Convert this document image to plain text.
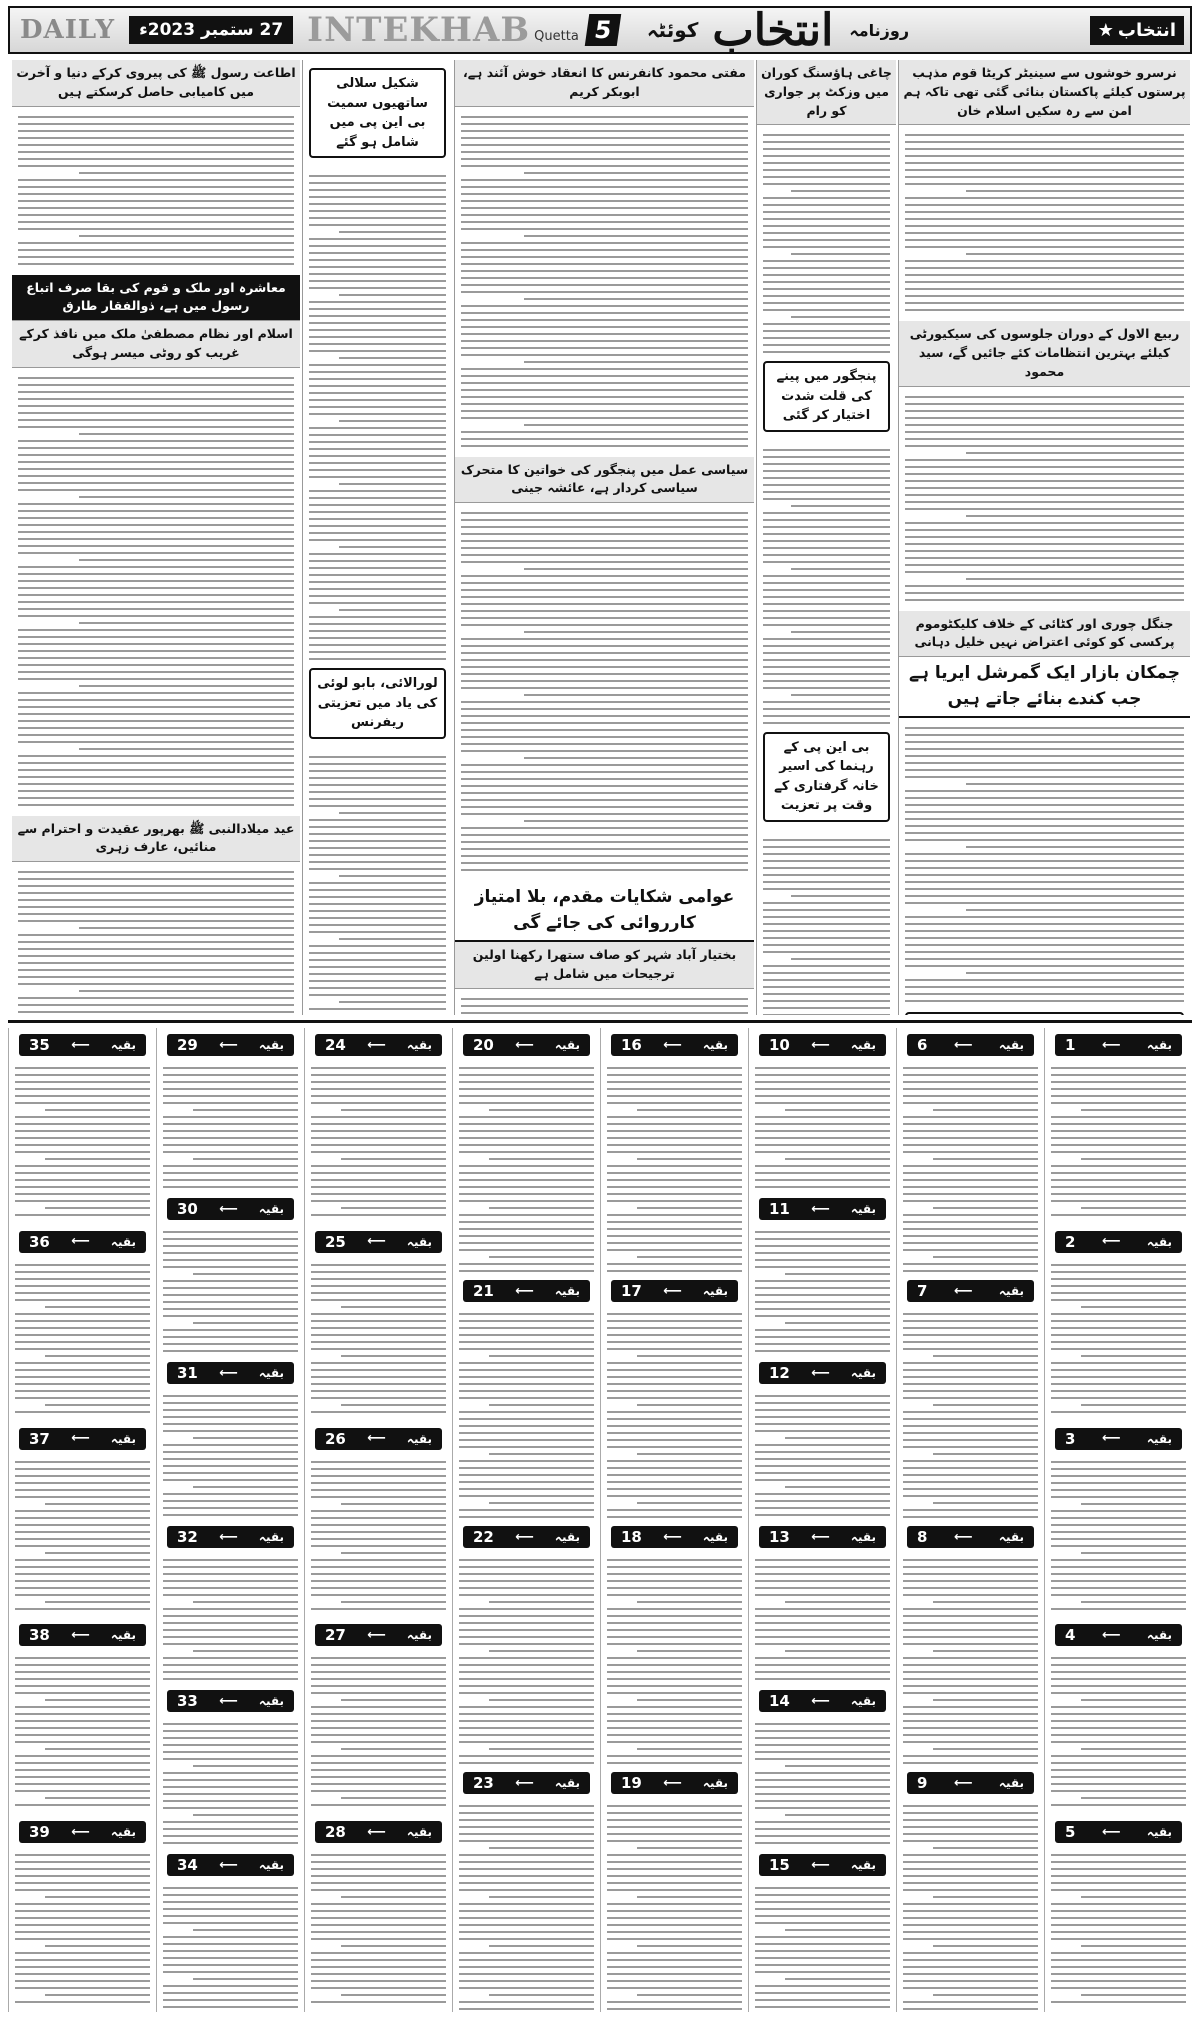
DAILY	27 ستمبر 2023ء INTEKHAB Quetta 5	کوئٹہ انتخاب روزنامہ	★ انتخاب
اطاعت رسول ﷺ کی پیروی کرکے دنیا و آخرت میں کامیابی حاصل کرسکتے ہیں
معاشرہ اور ملک و قوم کی بقا صرف اتباع رسول میں ہے، ذوالفقار طارق
اسلام اور نظام مصطفیٰ ملک میں نافذ کرکے غریب کو روٹی میسر ہوگی
عید میلادالنبی ﷺ بھرپور عقیدت و احترام سے منائیں، عارف زہری
شکیل سلالی ساتھیوں سمیت بی این پی میں شامل ہو گئے
لورالائی، بابو لوئی کی یاد میں تعزیتی ریفرنس
مفتی محمود کانفرنس کا انعقاد خوش آئند ہے، ابوبکر کریم
سیاسی عمل میں پنجگور کی خواتین کا متحرک سیاسی کردار ہے، عائشہ جینی
عوامی شکایات مقدم، بلا امتیاز کارروائی کی جائے گی
بختیار آباد شہر کو صاف ستھرا رکھنا اولین ترجیحات میں شامل ہے
چاغی ہاؤسنگ کوران میں وزکٹ پر جواری کو رام
پنجگور میں پینے کی قلت شدت اختیار کر گئی
بی این پی کے رہنما کی اسیر خانہ گرفتاری کے وقت پر تعزیت
نرسرو خوشوں سے سینیٹر کریٹا قوم مذہب پرستوں کیلئے پاکستان بنائی گئی تھی تاکہ ہم امن سے رہ سکیں اسلام خان
ربیع الاول کے دوران جلوسوں کی سیکیورٹی کیلئے بہترین انتظامات کئے جائیں گے، سید محمود
جنگل چوری اور کٹائی کے خلاف کلیکٹوموم پرکسی کو کوئی اعتراض نہیں خلیل دہانی
چمکان بازار ایک گمرشل ایریا ہے جب کندے بنائے جاتے ہیں
1 ⟵ بقیہ
2 ⟵ بقیہ
3 ⟵ بقیہ
4 ⟵ بقیہ
5 ⟵ بقیہ
6 ⟵ بقیہ
7 ⟵ بقیہ
8 ⟵ بقیہ
9 ⟵ بقیہ
10 ⟵ بقیہ
11 ⟵ بقیہ
12 ⟵ بقیہ
13 ⟵ بقیہ
14 ⟵ بقیہ
15 ⟵ بقیہ
16 ⟵ بقیہ
17 ⟵ بقیہ
18 ⟵ بقیہ
19 ⟵ بقیہ
20 ⟵ بقیہ
21 ⟵ بقیہ
22 ⟵ بقیہ
23 ⟵ بقیہ
24 ⟵ بقیہ
25 ⟵ بقیہ
26 ⟵ بقیہ
27 ⟵ بقیہ
28 ⟵ بقیہ
29 ⟵ بقیہ
30 ⟵ بقیہ
31 ⟵ بقیہ
32 ⟵ بقیہ
33 ⟵ بقیہ
34 ⟵ بقیہ
35 ⟵ بقیہ
36 ⟵ بقیہ
37 ⟵ بقیہ
38 ⟵ بقیہ
39 ⟵ بقیہ
